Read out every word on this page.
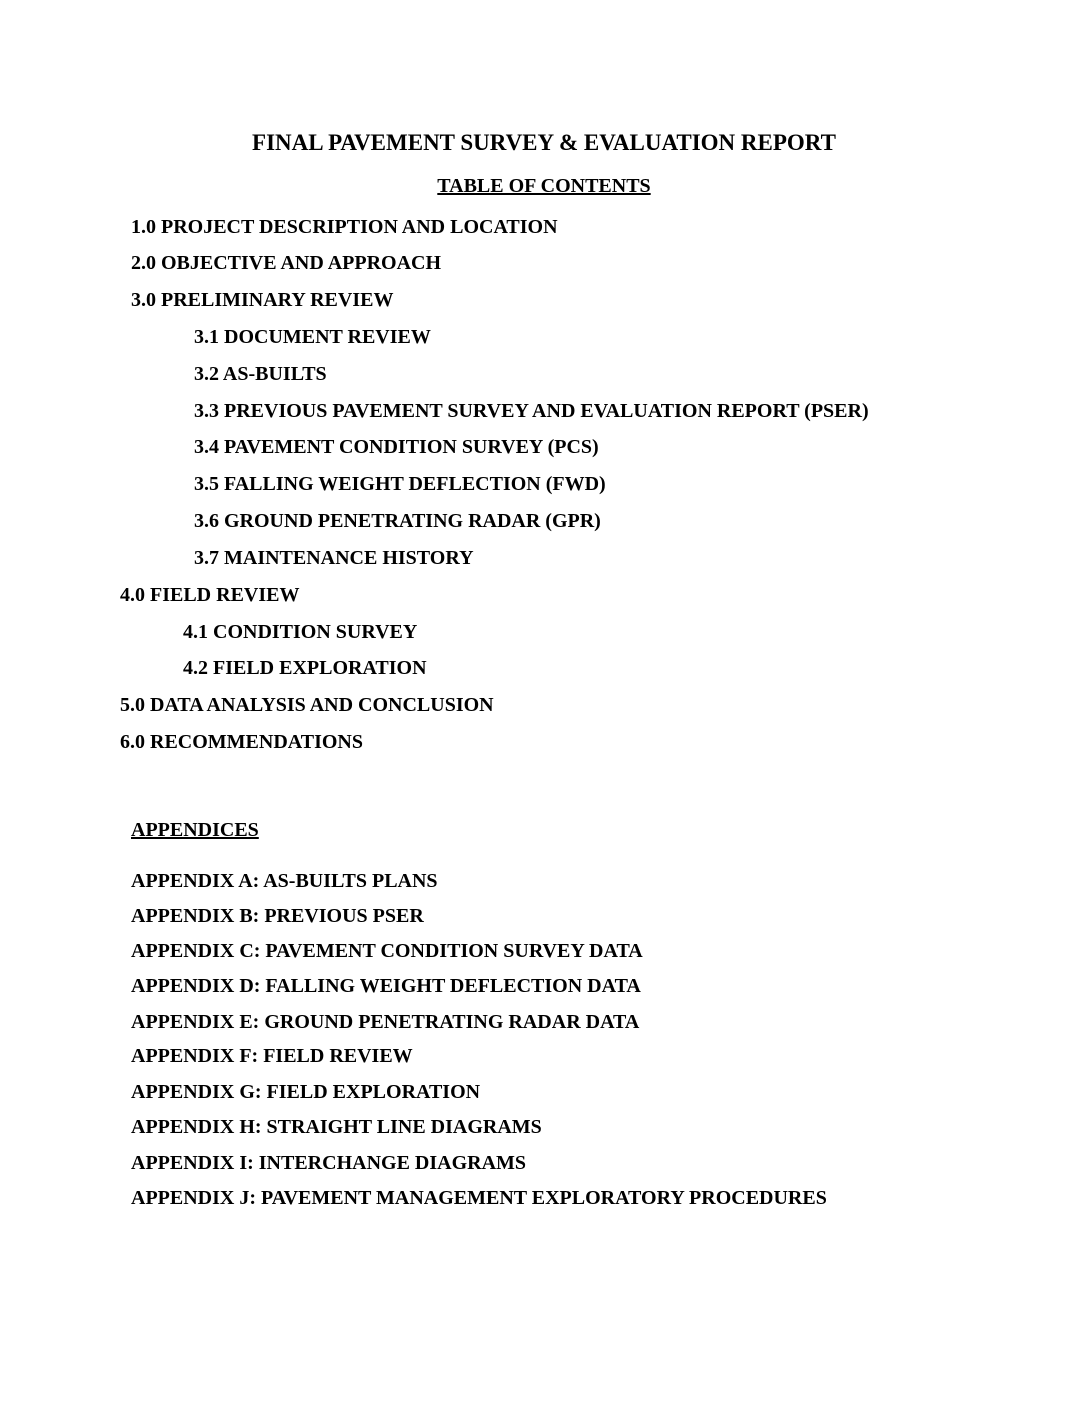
FINAL PAVEMENT SURVEY & EVALUATION REPORT
TABLE OF CONTENTS
1.0 PROJECT DESCRIPTION AND LOCATION
2.0 OBJECTIVE AND APPROACH
3.0 PRELIMINARY REVIEW
3.1 DOCUMENT REVIEW
3.2 AS-BUILTS
3.3 PREVIOUS PAVEMENT SURVEY AND EVALUATION REPORT (PSER)
3.4 PAVEMENT CONDITION SURVEY (PCS)
3.5 FALLING WEIGHT DEFLECTION (FWD)
3.6 GROUND PENETRATING RADAR (GPR)
3.7 MAINTENANCE HISTORY
4.0 FIELD REVIEW
4.1 CONDITION SURVEY
4.2 FIELD EXPLORATION
5.0 DATA ANALYSIS AND CONCLUSION
6.0 RECOMMENDATIONS
APPENDICES
APPENDIX A: AS-BUILTS PLANS
APPENDIX B: PREVIOUS PSER
APPENDIX C: PAVEMENT CONDITION SURVEY DATA
APPENDIX D: FALLING WEIGHT DEFLECTION DATA
APPENDIX E: GROUND PENETRATING RADAR DATA
APPENDIX F: FIELD REVIEW
APPENDIX G: FIELD EXPLORATION
APPENDIX H: STRAIGHT LINE DIAGRAMS
APPENDIX I: INTERCHANGE DIAGRAMS
APPENDIX J: PAVEMENT MANAGEMENT EXPLORATORY PROCEDURES
